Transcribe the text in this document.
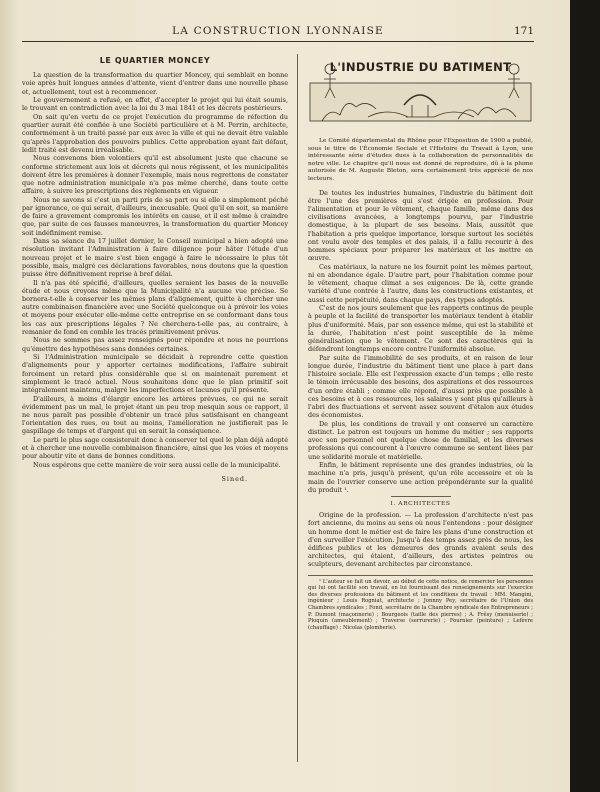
LA CONSTRUCTION LYONNAISE	171
LE QUARTIER MONCEY

La question de la transformation du quartier Moncey, qui semblait en bonne voie après huit longues années d'attente, vient d'entrer dans une nouvelle phase et, actuellement, tout est à recommencer.

Le gouvernement a refusé, en effet, d'accepter le projet qui lui était soumis, le trouvant en contradiction avec la loi du 3 mai 1841 et les décrets postérieurs.

On sait qu'en vertu de ce projet l'exécution du programme de réfection du quartier aurait été confiée à une Société particulière et à M. Perrin, architecte, conformément à un traité passé par eux avec la ville et qui ne devait être valable qu'après l'approbation des pouvoirs publics. Cette approbation ayant fait défaut, ledit traité est devenu irréalisable.

Nous convenons bien volontiers qu'il est absolument juste que chacune se conforme strictement aux lois et décrets qui nous régissent, et les municipalités doivent être les premières à donner l'exemple, mais nous regrettons de constater que notre administration municipale n'a pas même cherché, dans toute cette affaire, à suivre les prescriptions des règlements en vigueur.

Nous ne savons si c'est un parti pris de sa part ou si elle a simplement péché par ignorance, ce qui serait, d'ailleurs, inexcusable. Quoi qu'il en soit, sa manière de faire a gravement compromis les intérêts en cause, et il est même à craindre que, par suite de ces fausses manœuvres, la transformation du quartier Moncey soit indéfiniment remise.

Dans sa séance du 17 juillet dernier, le Conseil municipal a bien adopté une résolution invitant l'Administration à faire diligence pour hâter l'étude d'un nouveau projet et le maire s'est bien engagé à faire le nécessaire le plus tôt possible, mais, malgré ces déclarations favorables, nous doutons que la question puisse être définitivement reprise à bref délai.

Il n'a pas été spécifié, d'ailleurs, quelles seraient les bases de la nouvelle étude et nous croyons même que la Municipalité n'a aucune vue précise. Se bornera-t-elle à conserver les mêmes plans d'alignement, quitte à chercher une autre combinaison financière avec une Société quelconque ou à prévoir les voies et moyens pour exécuter elle-même cette entreprise en se conformant dans tous les cas aux prescriptions légales ? Ne cherchera-t-elle pas, au contraire, à remanier de fond en comble les tracés primitivement prévus.

Nous ne sommes pas assez renseignés pour répondre et nous ne pourrions qu'émettre des hypothèses sans données certaines.

Si l'Administration municipale se décidait à reprendre cette question d'alignements pour y apporter certaines modifications, l'affaire subirait forcément un retard plus considérable que si on maintenait purement et simplement le tracé actuel. Nous souhaitons donc que le plan primitif soit intégralement maintenu, malgré les imperfections et lacunes qu'il présente.

D'ailleurs, à moins d'élargir encore les artères prévues, ce qui ne serait évidemment pas un mal, le projet étant un peu trop mesquin sous ce rapport, il ne nous paraît pas possible d'obtenir un tracé plus satisfaisant en changeant l'orientation des rues, ou tout au moins, l'amélioration ne justifierait pas le gaspillage de temps et d'argent qui en serait la conséquence.

Le parti le plus sage consisterait donc à conserver tel quel le plan déjà adopté et à chercher une nouvelle combinaison financière, ainsi que les voies et moyens pour aboutir vite et dans de bonnes conditions.

Nous espérons que cette manière de voir sera aussi celle de la municipalité.

Sined.
L'INDUSTRIE DU BATIMENT

Le Comité départemental du Rhône pour l'Exposition de 1900 a publié, sous le titre de l'Économie Sociale et l'Histoire du Travail à Lyon, une intéressante série d'études dues à la collaboration de personnalités de notre ville. Le chapitre qu'il nous est donné de reproduire, dû à la plume autorisée de M. Auguste Bleton, sera certainement très apprécié de nos lecteurs.

De toutes les industries humaines, l'industrie du bâtiment doit être l'une des premières qui s'est érigée en profession. Pour l'alimentation et pour le vêtement, chaque famille, même dans des civilisations avancées, a longtemps pourvu, par l'industrie domestique, à la plupart de ses besoins. Mais, aussitôt que l'habitation a pris quelque importance, lorsque surtout les sociétés ont voulu avoir des temples et des palais, il a fallu recourir à des hommes spéciaux pour préparer les matériaux et les mettre en œuvre.

Ces matériaux, la nature ne les fournit point les mêmes partout, ni en abondance égale. D'autre part, pour l'habitation comme pour le vêtement, chaque climat a ses exigences. De là, cette grande variété d'une contrée à l'autre, dans les constructions existantes, et aussi cette perpétuité, dans chaque pays, des types adoptés.

C'est de nos jours seulement que les rapports continus de peuple à peuple et la facilité de transporter les matériaux tendent à établir plus d'uniformité. Mais, par son essence même, qui est la stabilité et la durée, l'habitation n'est point susceptible de la même généralisation que le vêtement. Ce sont des caractères qui la défendront longtemps encore contre l'uniformité absolue.

Par suite de l'immobilité de ses produits, et en raison de leur longue durée, l'industrie du bâtiment tient une place à part dans l'histoire sociale. Elle est l'expression exacte d'un temps ; elle reste le témoin irrécusable des besoins, des aspirations et des ressources d'un ordre établi ; comme elle répond, d'aussi près que possible à ces besoins et à ces ressources, les salaires y sont plus qu'ailleurs à l'abri des fluctuations et servent assez souvent d'étalon aux études des économistes.

De plus, les conditions de travail y ont conservé un caractère distinct. Le patron est toujours un homme du métier ; ses rapports avec son personnel ont quelque chose de familial, et les diverses professions qui concourent à l'œuvre commune se sentent liées par une solidarité morale et matérielle.

Enfin, le bâtiment représente une des grandes industries, où la machine n'a pris, jusqu'à présent, qu'un rôle accessoire et où la main de l'ouvrier conserve une action prépondérante sur la qualité du produit ¹.

I. ARCHITECTES

Origine de la profession. — La profession d'architecte n'est pas fort ancienne, du moins au sens où nous l'entendons : pour désigner un homme dont le métier est de faire les plans d'une construction et d'en surveiller l'exécution. Jusqu'à des temps assez près de nous, les édifices publics et les demeures des grands avaient seuls des architectes, qui étaient, d'ailleurs, des artistes peintres ou sculpteurs, devenant architectes par circonstance.

¹ L'auteur se fait un devoir, au début de cette notice, de remercier les personnes qui lui ont facilité son travail, en lui fournissant des renseignements sur l'exercice des diverses professions du bâtiment et les conditions du travail : MM. Mangini, ingénieur ; Louis Rogniat, architecte ; Jonnny Pey, secrétaire de l'Union des Chambres syndicales ; Fond, secrétaire de la Chambre syndicale des Entrepreneurs ; P. Dumont (maçonnerie) ; Bourgeois (taille des pierres) ; A. Frêsy (menuiserie) ; Ploquin (ameublement) ; Traverse (serrurerie) ; Fournier (peinture) ; Lefèvre (chauffage) ; Nicolas (plomberie).
